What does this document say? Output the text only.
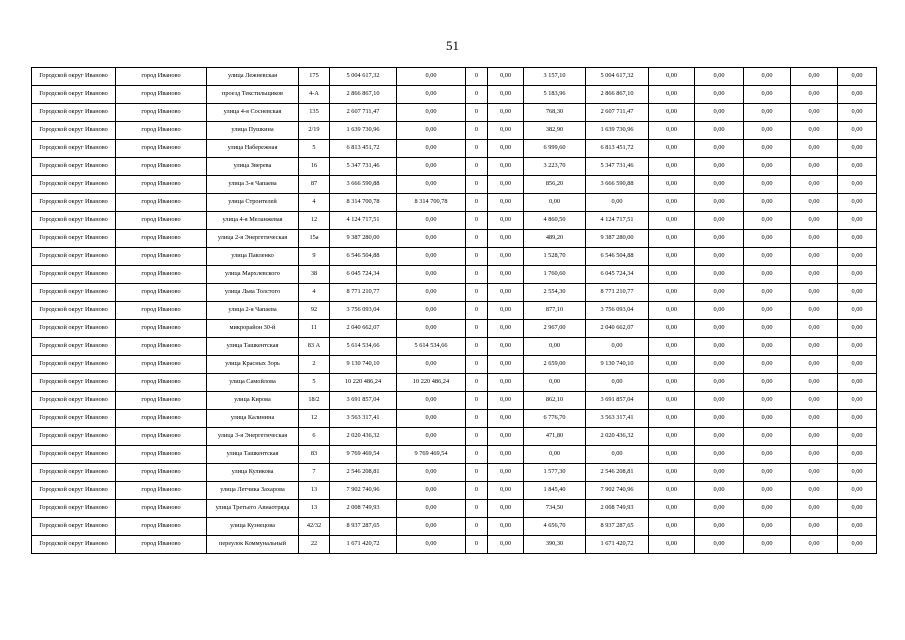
51
Городской округ Иваново	город Иваново	улица Лежневская	175	5 004 617,32	0,00	0	0,00	3 157,10	5 004 617,32	0,00	0,00	0,00	0,00	0,00
Городской округ Иваново	город Иваново	проезд Текстильщиков	4-А	2 866 867,10	0,00	0	0,00	5 183,96	2 866 867,10	0,00	0,00	0,00	0,00	0,00
Городской округ Иваново	город Иваново	улица 4-я Сосневская	135	2 607 711,47	0,00	0	0,00	768,30	2 607 711,47	0,00	0,00	0,00	0,00	0,00
Городской округ Иваново	город Иваново	улица Пушкина	2/19	1 639 730,96	0,00	0	0,00	382,90	1 639 730,96	0,00	0,00	0,00	0,00	0,00
Городской округ Иваново	город Иваново	улица Набережная	5	6 813 451,72	0,00	0	0,00	6 999,60	6 813 451,72	0,00	0,00	0,00	0,00	0,00
Городской округ Иваново	город Иваново	улица Зверева	16	5 347 731,46	0,00	0	0,00	3 223,70	5 347 731,46	0,00	0,00	0,00	0,00	0,00
Городской округ Иваново	город Иваново	улица 3-я Чапаева	87	3 666 590,88	0,00	0	0,00	856,20	3 666 590,88	0,00	0,00	0,00	0,00	0,00
Городской округ Иваново	город Иваново	улица Строителей	4	8 314 700,78	8 314 700,78	0	0,00	0,00	0,00	0,00	0,00	0,00	0,00	0,00
Городской округ Иваново	город Иваново	улица 4-я Меланжевая	12	4 124 717,51	0,00	0	0,00	4 860,50	4 124 717,51	0,00	0,00	0,00	0,00	0,00
Городской округ Иваново	город Иваново	улица 2-я Энергетическая	15а	9 387 280,00	0,00	0	0,00	489,20	9 387 280,00	0,00	0,00	0,00	0,00	0,00
Городской округ Иваново	город Иваново	улица Павленко	9	6 546 504,88	0,00	0	0,00	1 528,70	6 546 504,88	0,00	0,00	0,00	0,00	0,00
Городской округ Иваново	город Иваново	улица Мархлевского	38	6 045 724,34	0,00	0	0,00	1 760,60	6 045 724,34	0,00	0,00	0,00	0,00	0,00
Городской округ Иваново	город Иваново	улица Льва Толстого	4	8 771 210,77	0,00	0	0,00	2 554,30	8 771 210,77	0,00	0,00	0,00	0,00	0,00
Городской округ Иваново	город Иваново	улица 2-я Чапаева	92	3 756 093,04	0,00	0	0,00	877,10	3 756 093,04	0,00	0,00	0,00	0,00	0,00
Городской округ Иваново	город Иваново	микрорайон 30-й	11	2 040 662,07	0,00	0	0,00	2 967,00	2 040 662,07	0,00	0,00	0,00	0,00	0,00
Городской округ Иваново	город Иваново	улица Ташкентская	83 А	5 614 534,66	5 614 534,66	0	0,00	0,00	0,00	0,00	0,00	0,00	0,00	0,00
Городской округ Иваново	город Иваново	улица Красных Зорь	2	9 130 740,10	0,00	0	0,00	2 659,00	9 130 740,10	0,00	0,00	0,00	0,00	0,00
Городской округ Иваново	город Иваново	улица Самойлова	5	10 220 486,24	10 220 486,24	0	0,00	0,00	0,00	0,00	0,00	0,00	0,00	0,00
Городской округ Иваново	город Иваново	улица Кирова	18/2	3 691 857,04	0,00	0	0,00	862,10	3 691 857,04	0,00	0,00	0,00	0,00	0,00
Городской округ Иваново	город Иваново	улица Калинина	12	3 563 317,41	0,00	0	0,00	6 776,70	3 563 317,41	0,00	0,00	0,00	0,00	0,00
Городской округ Иваново	город Иваново	улица 3-я Энергетическая	6	2 020 436,32	0,00	0	0,00	471,80	2 020 436,32	0,00	0,00	0,00	0,00	0,00
Городской округ Иваново	город Иваново	улица Ташкентская	83	9 769 469,54	9 769 469,54	0	0,00	0,00	0,00	0,00	0,00	0,00	0,00	0,00
Городской округ Иваново	город Иваново	улица Куликова	7	2 546 208,81	0,00	0	0,00	1 577,30	2 546 208,81	0,00	0,00	0,00	0,00	0,00
Городской округ Иваново	город Иваново	улица Летчика Захарова	13	7 902 740,96	0,00	0	0,00	1 845,40	7 902 740,96	0,00	0,00	0,00	0,00	0,00
Городской округ Иваново	город Иваново	улица Третьего Авиаотряда	13	2 008 749,93	0,00	0	0,00	734,50	2 008 749,93	0,00	0,00	0,00	0,00	0,00
Городской округ Иваново	город Иваново	улица Кузнецова	42/32	8 937 287,65	0,00	0	0,00	4 656,70	8 937 287,65	0,00	0,00	0,00	0,00	0,00
Городской округ Иваново	город Иваново	переулок Коммунальный	22	1 671 420,72	0,00	0	0,00	390,30	1 671 420,72	0,00	0,00	0,00	0,00	0,00
